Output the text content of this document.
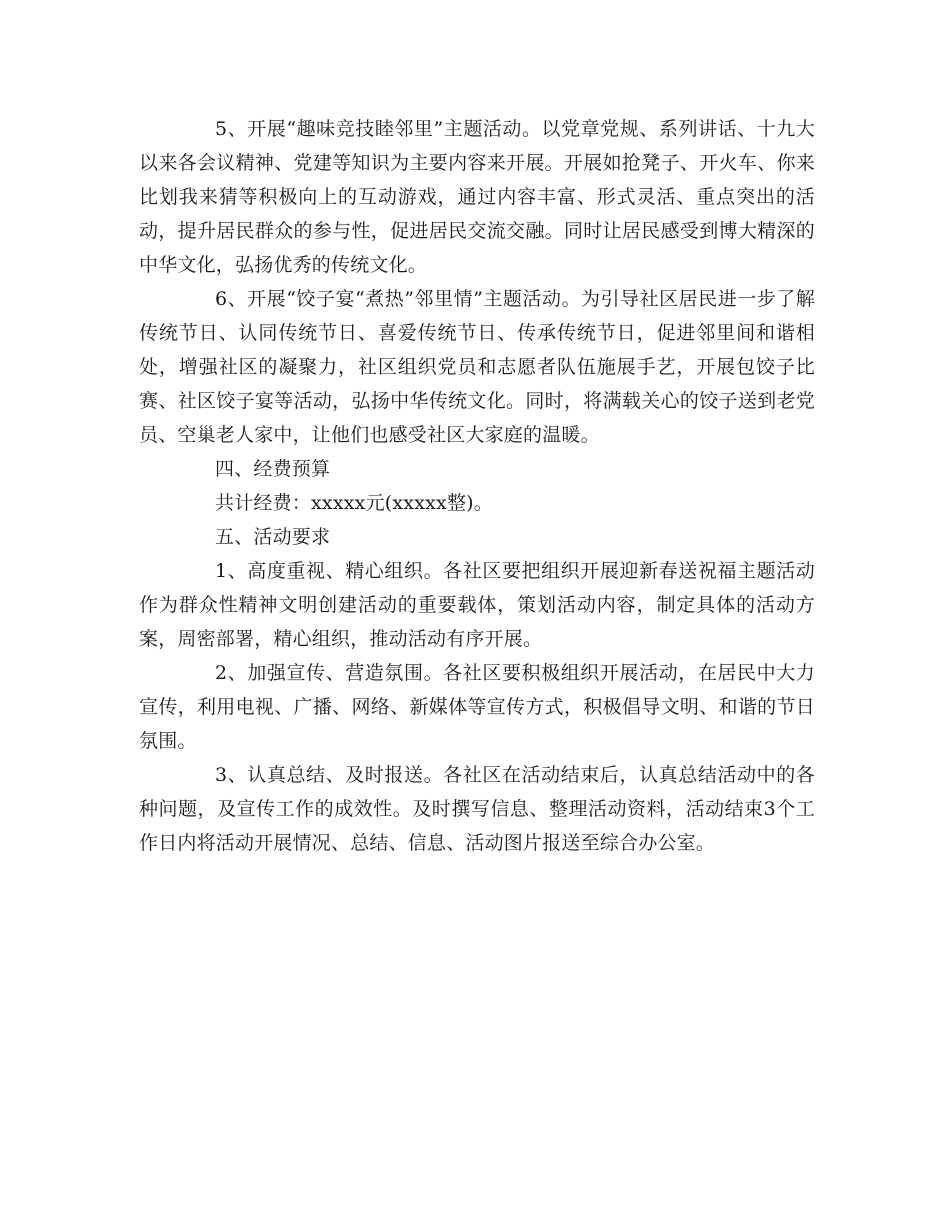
5、开展“趣味竞技睦邻里”主题活动。以党章党规、系列讲话、十九大以来各会议精神、党建等知识为主要内容来开展。开展如抢凳子、开火车、你来比划我来猜等积极向上的互动游戏，通过内容丰富、形式灵活、重点突出的活动，提升居民群众的参与性，促进居民交流交融。同时让居民感受到博大精深的中华文化，弘扬优秀的传统文化。

6、开展“饺子宴“煮热”邻里情”主题活动。为引导社区居民进一步了解传统节日、认同传统节日、喜爱传统节日、传承传统节日，促进邻里间和谐相处，增强社区的凝聚力，社区组织党员和志愿者队伍施展手艺，开展包饺子比赛、社区饺子宴等活动，弘扬中华传统文化。同时，将满载关心的饺子送到老党员、空巢老人家中，让他们也感受社区大家庭的温暖。

四、经费预算

共计经费：xxxxx元(xxxxx整)。

五、活动要求

1、高度重视、精心组织。各社区要把组织开展迎新春送祝福主题活动作为群众性精神文明创建活动的重要载体，策划活动内容，制定具体的活动方案，周密部署，精心组织，推动活动有序开展。

2、加强宣传、营造氛围。各社区要积极组织开展活动，在居民中大力宣传，利用电视、广播、网络、新媒体等宣传方式，积极倡导文明、和谐的节日氛围。

3、认真总结、及时报送。各社区在活动结束后，认真总结活动中的各种问题，及宣传工作的成效性。及时撰写信息、整理活动资料，活动结束3个工作日内将活动开展情况、总结、信息、活动图片报送至综合办公室。
